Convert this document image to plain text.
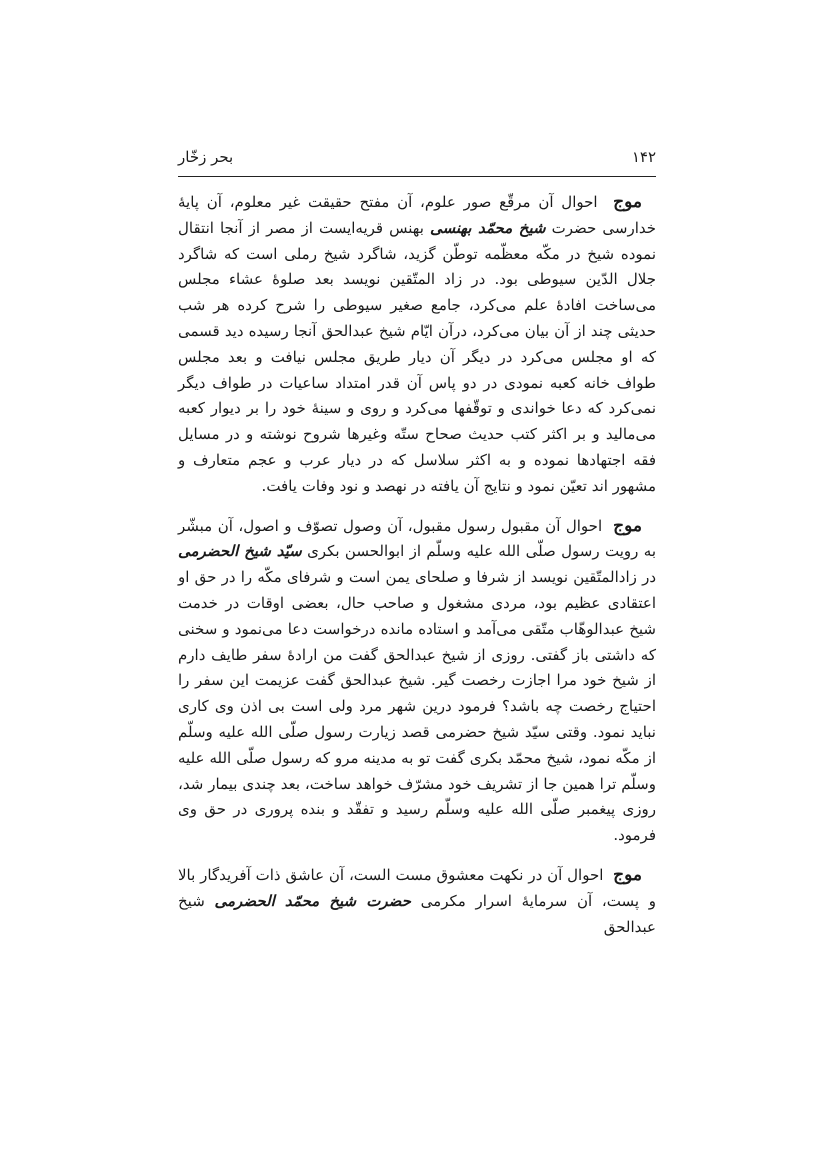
۱۴۲
بحر زخّار

موج  احوال آن مرقّع صور علوم، آن مفتح حقیقت غیر معلوم، آن پایهٔ خدارسی حضرت شیخ محمّد بهنسی بهنس قریه‌ایست از مصر از آنجا انتقال نموده شیخ در مکّه معظّمه توطّن گزید، شاگرد شیخ رملی است که شاگرد جلال الدّین سیوطی بود. در زاد المتّقین نویسد بعد صلوهٔ عشاء مجلس می‌ساخت افادهٔ علم می‌کرد، جامع صغیر سیوطی را شرح کرده هر شب حدیثی چند از آن بیان می‌کرد، درآن ایّام شیخ عبدالحق آنجا رسیده دید قسمی که او مجلس می‌کرد در دیگر آن دیار طریق مجلس نیافت و بعد مجلس طواف خانه کعبه نمودی در دو پاس آن قدر امتداد ساعیات در طواف دیگر نمی‌کرد که دعا خواندی و توقّفها می‌کرد و روی و سینهٔ خود را بر دیوار کعبه می‌مالید و بر اکثر کتب حدیث صحاح ستّه وغیرها شروح نوشته و در مسایل فقه اجتهادها نموده و به اکثر سلاسل که در دیار عرب و عجم متعارف و مشهور اند تعیّن نمود و نتایج آن یافته در نهصد و نود وفات یافت.

موج  احوال آن مقبول رسول مقبول، آن وصول تصوّف و اصول، آن مبشّر به رویت رسول صلّی الله علیه وسلّم از ابوالحسن بکری سیّد شیخ الحضرمی در زادالمتّقین نویسد از شرفا و صلحای یمن است و شرفای مکّه را در حق او اعتقادی عظیم بود، مردی مشغول و صاحب حال، بعضی اوقات در خدمت شیخ عبدالوهّاب متّقی می‌آمد و استاده مانده درخواست دعا می‌نمود و سخنی که داشتی باز گفتی. روزی از شیخ عبدالحق گفت من ارادهٔ سفر طایف دارم از شیخ خود مرا اجازت رخصت گیر. شیخ عبدالحق گفت عزیمت این سفر را احتیاج رخصت چه باشد؟ فرمود درین شهر مرد ولی است بی اذن وی کاری نباید نمود. وقتی سیّد شیخ حضرمی قصد زیارت رسول صلّی الله علیه وسلّم از مکّه نمود، شیخ محمّد بکری گفت تو به مدینه مرو که رسول صلّی الله علیه وسلّم ترا همین جا از تشریف خود مشرّف خواهد ساخت، بعد چندی بیمار شد، روزی پیغمبر صلّی الله علیه وسلّم رسید و تفقّد و بنده پروری در حق وی فرمود.

موج  احوال آن در نکهت معشوق مست الست، آن عاشق ذات آفریدگار بالا و پست، آن سرمایهٔ اسرار مکرمی حضرت شیخ محمّد الحضرمی شیخ عبدالحق
